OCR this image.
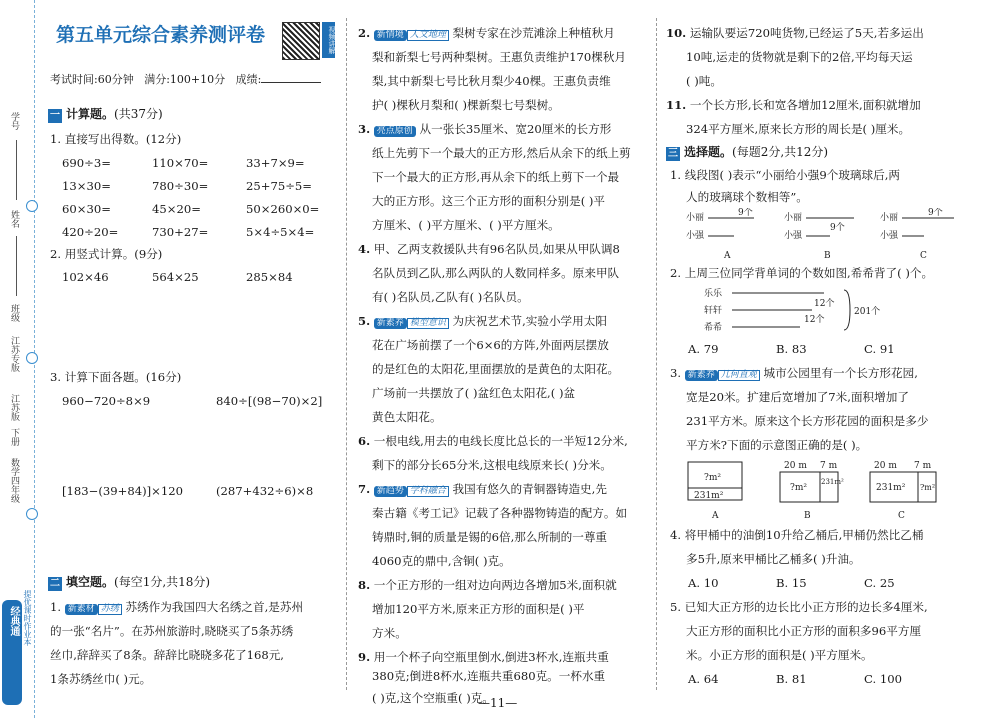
学号
姓名
班级
江苏专版
江苏版
下册
数学四年级
经典通 提优课时作业本
第五单元综合素养测评卷	视频讲解
考试时间:60分钟 满分:100+10分 成绩:
一 计算题。(共37分)
1. 直接写出得数。(12分)
690÷3=	110×70=	33+7×9=
13×30=	780÷30=	25+75÷5=
60×30=	45×20=	50×260×0=
420÷20=	730+27=	5×4÷5×4=
2. 用竖式计算。(9分)
102×46	564×25	285×84
3. 计算下面各题。(16分)
960−720÷8×9	840÷[(98−70)×2]
[183−(39+84)]×120	(287+432÷6)×8
二 填空题。(每空1分,共18分)
1. 新素材 苏绣 苏绣作为我国四大名绣之首,是苏州
的一张“名片”。在苏州旅游时,晓晓买了5条苏绣
丝巾,辞辞买了8条。辞辞比晓晓多花了168元,
1条苏绣丝巾( )元。
2. 新情境 人文地理 梨树专家在沙荒滩涂上种植秋月
梨和新梨七号两种梨树。王惠负责维护170棵秋月
梨,其中新梨七号比秋月梨少40棵。王惠负责维
护( )棵秋月梨和( )棵新梨七号梨树。
3. 亮点原创 从一张长35厘米、宽20厘米的长方形
纸上先剪下一个最大的正方形,然后从余下的纸上剪
下一个最大的正方形,再从余下的纸上剪下一个最
大的正方形。这三个正方形的面积分别是( )平
方厘米、( )平方厘米、( )平方厘米。
4. 甲、乙两支救援队共有96名队员,如果从甲队调8
名队员到乙队,那么两队的人数同样多。原来甲队
有( )名队员,乙队有( )名队员。
5. 新素养 模型意识 为庆祝艺术节,实验小学用太阳
花在广场前摆了一个6×6的方阵,外面两层摆放
的是红色的太阳花,里面摆放的是黄色的太阳花。
广场前一共摆放了( )盆红色太阳花,( )盆
黄色太阳花。
6. 一根电线,用去的电线长度比总长的一半短12分米,
剩下的部分长65分米,这根电线原来长( )分米。
7. 新趋势 学科融合 我国有悠久的青铜器铸造史,先
秦古籍《考工记》记载了各种器物铸造的配方。如
铸鼎时,铜的质量是锡的6倍,那么所制的一尊重
4060克的鼎中,含铜( )克。
8. 一个正方形的一组对边向两边各增加5米,面积就
增加120平方米,原来正方形的面积是( )平
方米。
9. 用一个杯子向空瓶里倒水,倒进3杯水,连瓶共重
380克;倒进8杯水,连瓶共重680克。一杯水重
10. 运输队要运720吨货物,已经运了5天,若多运出
10吨,运走的货物就是剩下的2倍,平均每天运
( )吨。
11. 一个长方形,长和宽各增加12厘米,面积就增加
324平方厘米,原来长方形的周长是( )厘米。
三 选择题。(每题2分,共12分)
1. 线段图( )表示“小丽给小强9个玻璃球后,两
人的玻璃球个数相等”。
小丽
小强
9个
A
小丽
小强
9个
B
小丽
小强
9个
C
2. 上周三位同学背单词的个数如图,希希背了( )个。
乐乐
轩轩
希希
12个
12个
201个
A. 79	B. 83	C. 91
3. 新素养 几何直观 城市公园里有一个长方形花园,
宽是20米。扩建后宽增加了7米,面积增加了
231平方米。原来这个长方形花园的面积是多少
平方米?下面的示意图正确的是( )。
?m²
231m²
A
20 m 7 m
?m²
231m²
B
20 m 7 m
231m² ?m²
C
4. 将甲桶中的油倒10升给乙桶后,甲桶仍然比乙桶
多5升,原来甲桶比乙桶多( )升油。
A. 10	B. 15	C. 25
5. 已知大正方形的边长比小正方形的边长多4厘米,
大正方形的面积比小正方形的面积多96平方厘
米。小正方形的面积是( )平方厘米。
A. 64	B. 81	C. 100
( )克,这个空瓶重( )克。
—11—
